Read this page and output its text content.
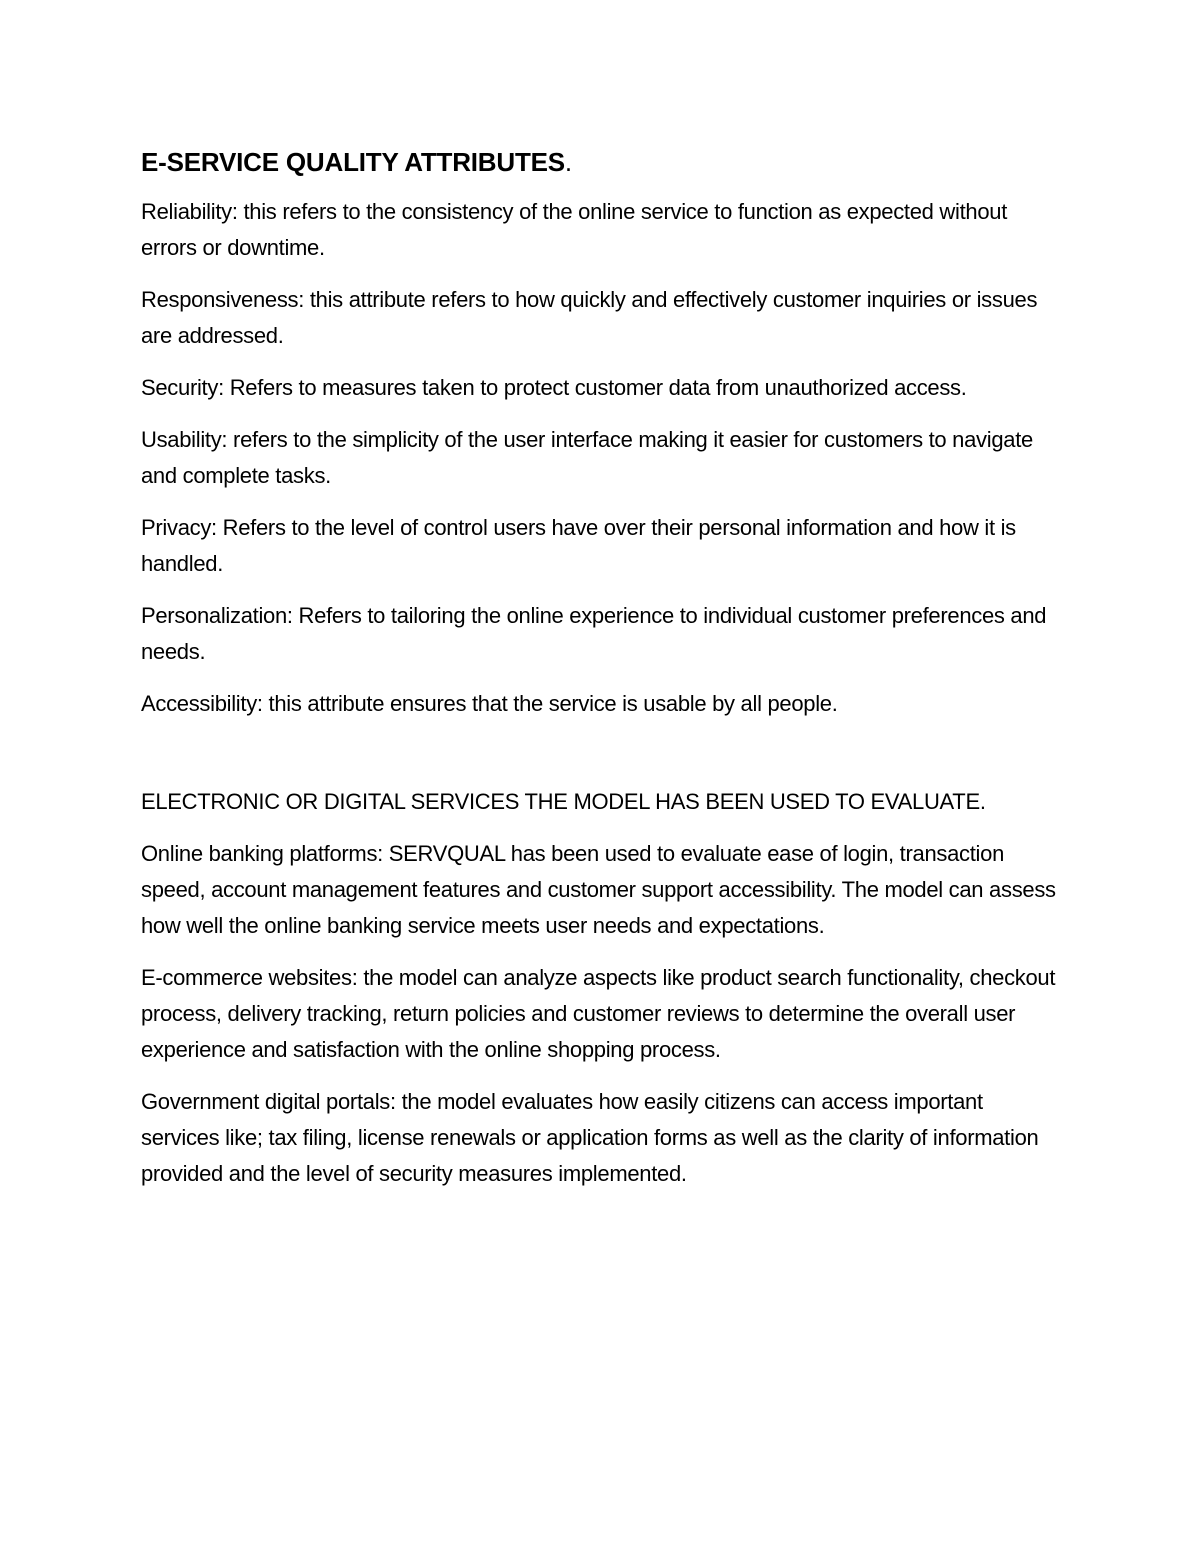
E-SERVICE QUALITY ATTRIBUTES.

Reliability: this refers to the consistency of the online service to function as expected without errors or downtime.

Responsiveness: this attribute refers to how quickly and effectively customer inquiries or issues are addressed.

Security: Refers to measures taken to protect customer data from unauthorized access.

Usability: refers to the simplicity of the user interface making it easier for customers to navigate and complete tasks.

Privacy: Refers to the level of control users have over their personal information and how it is handled.

Personalization: Refers to tailoring the online experience to individual customer preferences and needs.

Accessibility: this attribute ensures that the service is usable by all people.

ELECTRONIC OR DIGITAL SERVICES THE MODEL HAS BEEN USED TO EVALUATE.

Online banking platforms: SERVQUAL has been used to evaluate ease of login, transaction speed, account management features and customer support accessibility. The model can assess how well the online banking service meets user needs and expectations.

E-commerce websites: the model can analyze aspects like product search functionality, checkout process, delivery tracking, return policies and customer reviews to determine the overall user experience and satisfaction with the online shopping process.

Government digital portals: the model evaluates how easily citizens can access important services like; tax filing, license renewals or application forms as well as the clarity of information provided and the level of security measures implemented.
